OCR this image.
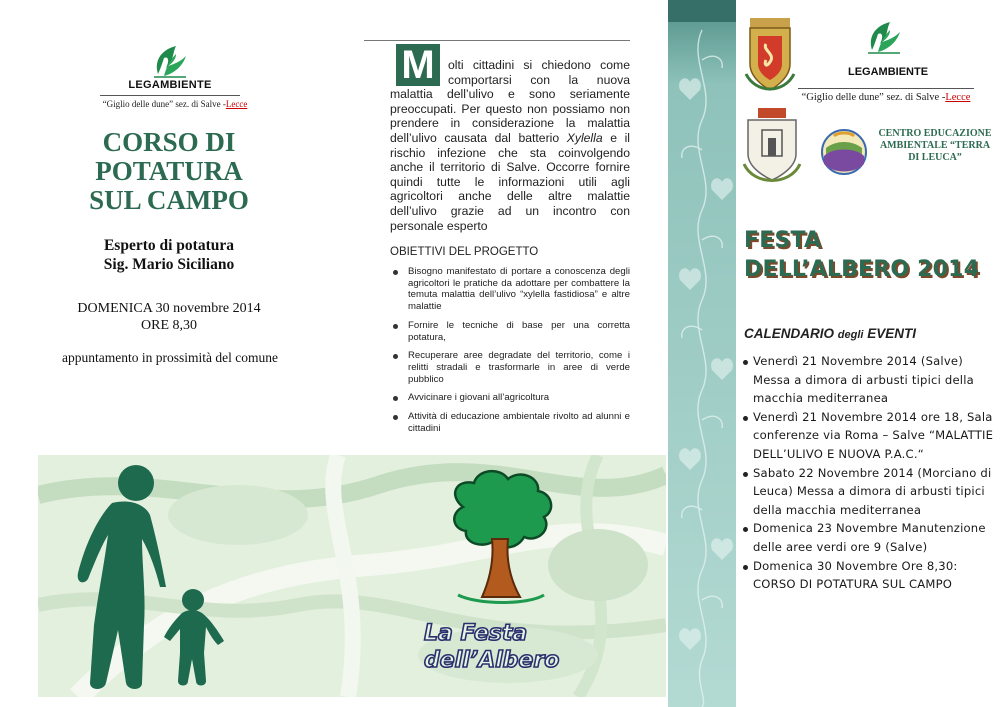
LEGAMBIENTE
“Giglio delle dune” sez. di Salve -Lecce
CORSO DI
POTATURA
SUL CAMPO
Esperto di potatura
Sig. Mario Siciliano
DOMENICA 30 novembre 2014
ORE 8,30
appuntamento in prossimità del comune
M	olti cittadini si chiedono come comportarsi con la nuova malattia dell’ulivo e sono seriamente preoccupati. Per questo non possiamo non prendere in considerazione la malattia dell’ulivo causata dal batterio Xylella e il rischio infezione che sta coinvolgendo anche il territorio di Salve. Occorre fornire quindi tutte le informazioni utili agli agricoltori anche delle altre malattie dell’ulivo grazie ad un incontro con personale esperto
OBIETTIVI DEL PROGETTO
Bisogno manifestato di portare a conoscenza degli agricoltori le pratiche da adottare per combattere la temuta malattia dell’ulivo “xylella fastidiosa” e altre malattie
Fornire le tecniche di base per una corretta potatura,
Recuperare aree degradate del territorio, come i relitti stradali e trasformarle in aree di verde pubblico
Avvicinare i giovani all’agricoltura
Attività di educazione ambientale rivolto ad alunni e cittadini
La Festa
dell’Albero
LEGAMBIENTE
“Giglio delle dune” sez. di Salve -Lecce
CENTRO EDUCAZIONE AMBIENTALE “TERRA DI LEUCA”
FESTA
DELL’ALBERO 2014
CALENDARIO degli EVENTI
Venerdì 21 Novembre 2014 (Salve) Messa a dimora di arbusti tipici della macchia mediterranea
Venerdì 21 Novembre 2014 ore 18, Sala conferenze via Roma – Salve “MALATTIE DELL’ULIVO E NUOVA P.A.C.“
Sabato 22 Novembre 2014 (Morciano di Leuca) Messa a dimora di arbusti tipici della macchia mediterranea
Domenica 23 Novembre Manutenzione delle aree verdi ore 9 (Salve)
Domenica 30 Novembre Ore 8,30: CORSO DI POTATURA SUL CAMPO
